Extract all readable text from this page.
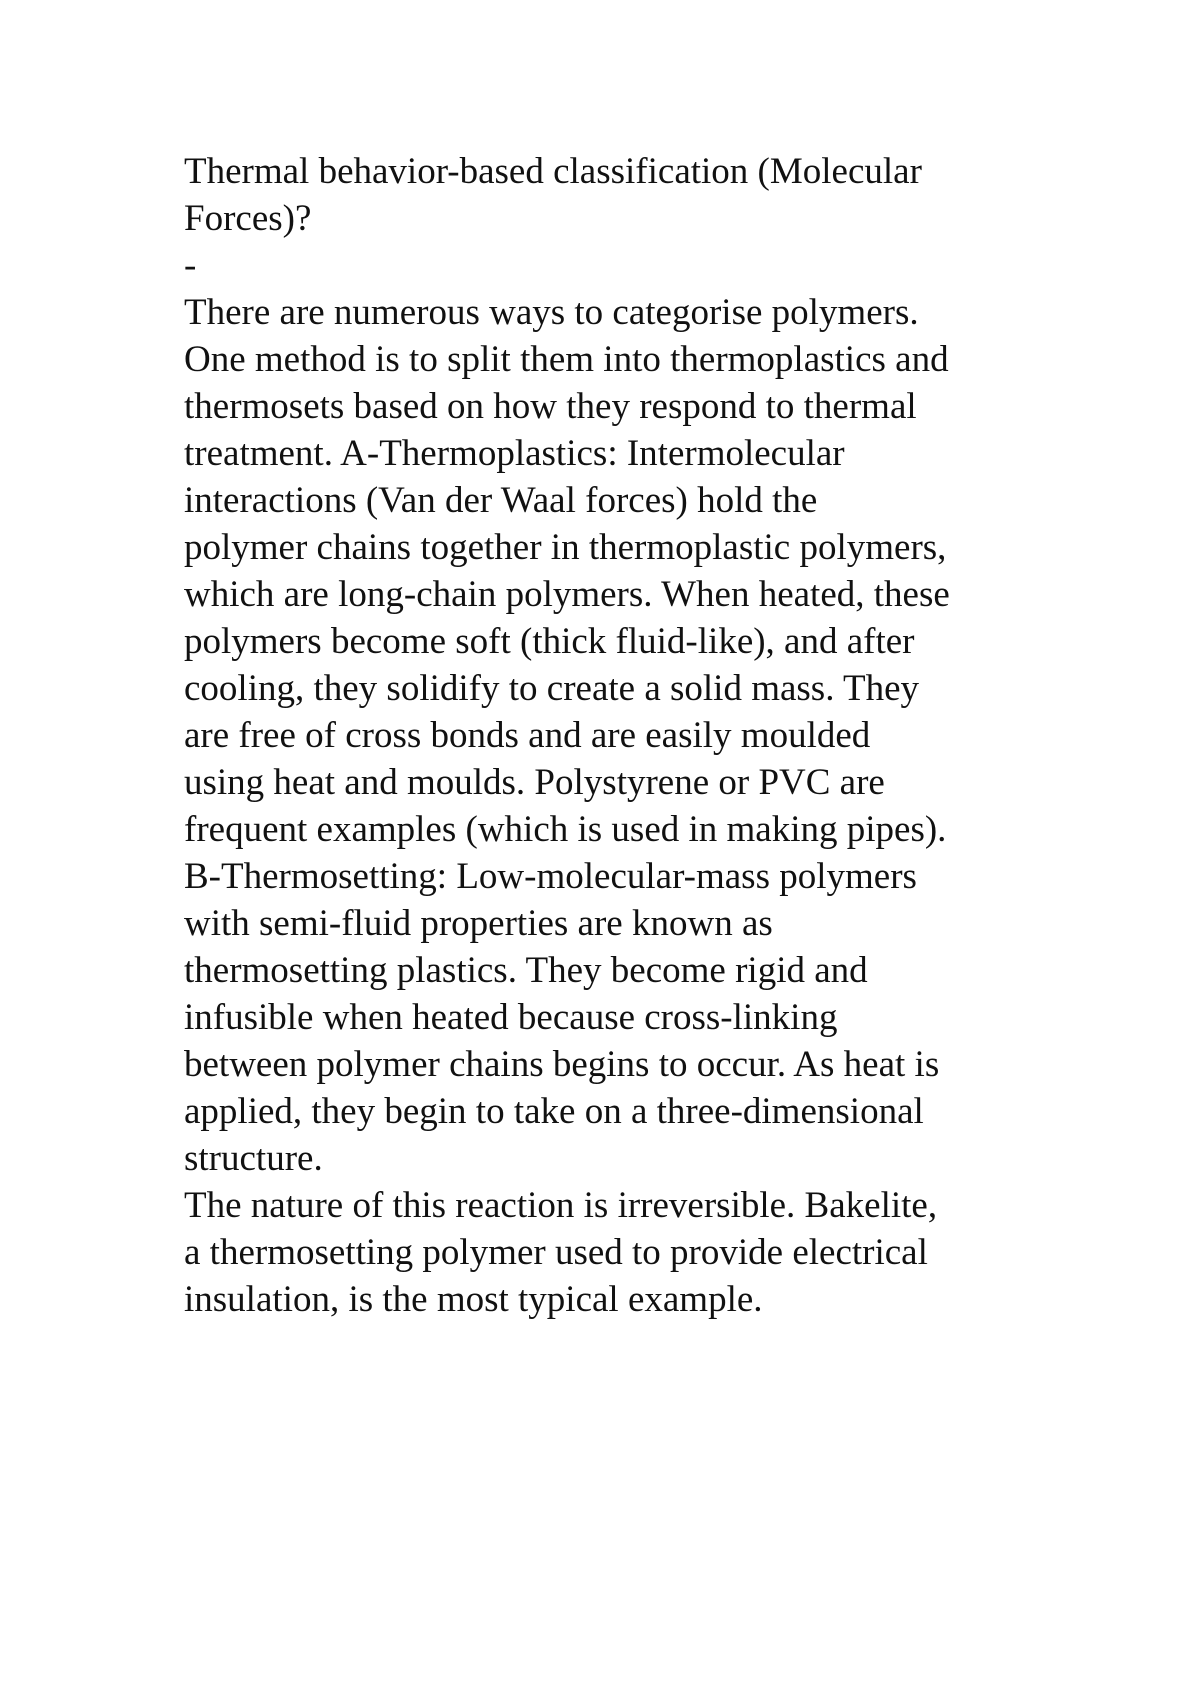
Thermal behavior-based classification (Molecular
Forces)?
-
There are numerous ways to categorise polymers.
One method is to split them into thermoplastics and
thermosets based on how they respond to thermal
treatment. A-Thermoplastics: Intermolecular
interactions (Van der Waal forces) hold the
polymer chains together in thermoplastic polymers,
which are long-chain polymers. When heated, these
polymers become soft (thick fluid-like), and after
cooling, they solidify to create a solid mass. They
are free of cross bonds and are easily moulded
using heat and moulds. Polystyrene or PVC are
frequent examples (which is used in making pipes).
B-Thermosetting: Low-molecular-mass polymers
with semi-fluid properties are known as
thermosetting plastics. They become rigid and
infusible when heated because cross-linking
between polymer chains begins to occur. As heat is
applied, they begin to take on a three-dimensional
structure.
The nature of this reaction is irreversible. Bakelite,
a thermosetting polymer used to provide electrical
insulation, is the most typical example.
